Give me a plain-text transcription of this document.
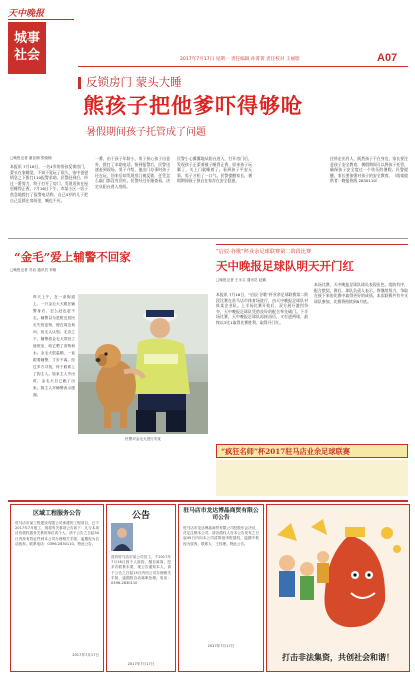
天中晚报
城事
社会	2017年7月17日 星期一 责任编辑 孙菁菁 责任校对 王丽影	A07
反锁房门 蒙头大睡
熊孩子把他爹吓得够呛
暑假期间孩子托管成了问题
□晚报记者 谢亚楠 张晓楠
本报讯 7月16日，一名4岁的男孩反锁房门，蒙头在家睡觉，不知不觉玩了很久，家中爸爸情急之下拨打110报警求助。民警赶到后，经过一番努力，终于打开了房门，发现男孩在屋里睡得正香。7月16日下午，市某小区一男子焦急地拨打了报警电话称，自己4岁的儿子把自己反锁在房间里，喊也不应。
一番，由于孩子年龄小，男子担心孩子出意外，拨打了求助电话。接到报警后，民警迅速赶到现场，男子介绍，他出门办事时孩子还在玩，回来后却发现房门被反锁，任凭怎么敲门都没有回应。民警经过仔细查看，决定从阳台进入房间。
民警小心翼翼地从阳台进入，打开房门后，发现孩子正蒙着被子睡得正香，原来孩子玩累了，关上门就睡着了。看到孩子平安无事，男子才松了一口气。民警提醒家长，暑假期间孩子独自在家存在安全隐患。
住所走出有人，既然孩子不在身边，家长要注意孩子安全教育，暑假期间可以将孩子托管，确保孩子安全度过一个快乐的暑假。民警提醒，家长要加强对孩子的安全教育。（线索提供者：晚报热线 2830110）
“金毛”爱上辅警不回家
□晚报记者 苏岩 通讯员 李敏
昨天上午，在一条街道上，一只金毛大犬跟在辅警身后，怎么赶也赶不走。辅警以为是附近居民走失的宠物，便在周边询问，但无人认领。无奈之下，辅警将金毛犬带回了值班室，给它喂了食物和水。金毛犬很温顺，一直跟着辅警，寸步不离。经过多方寻找，终于联系上了狗主人。原来主人外出时，金毛犬自己跑了出来。狗主人对辅警表示感谢。
民警对金毛犬进行安抚
“启辰·谷歌”杯业余足球联赛第二阶段比赛
天中晚报足球队明天开门红
□晚报记者 王永召 通讯员 赵鹏
本报讯 7月16日，“启辰·谷歌”杯业余足球联赛第二阶段比赛在驻马店市体育场进行，由天中晚报足球队对阵某企业队。上半场比赛开始后，双方展开激烈争夺，天中晚报足球队凭借良好的配合率先破门。下半场比赛，天中晚报足球队再接再厉，又打进两球，最终以3比1取得比赛胜利，取得开门红。
本场比赛，天中晚报足球队球员表现出色，攻防有序，配合默契。赛后，球队负责人表示，将继续努力，争取在接下来的比赛中取得更好的成绩。本次联赛共有多支球队参加，比赛将持续到8月底。
“疯狂名师”杯2017驻马店业余足球联赛
区域工程服务公告
驻马店市某工程建设有限公司承建的工程项目，已于2017年7月竣工，现将有关事项公告如下：凡与本项目有债权债务关系的单位或个人，请于公告之日起30日内持有效证件到本公司办理相关手续，逾期视为自动放弃。联系电话：0396-2830110。特此公告。
2017年7月17日
公告
兹有驻马店市某公司员工，于2017年7月16日因个人原因，擅自离岗，经多次联系未果，现公告通知本人，请于公告之日起15日内回公司办理相关手续，逾期按自动离职处理。电话：0396-2830110
2017年7月17日
驻马店市龙达博晶商贸有限公司公告
驻马店市龙达博晶商贸有限公司经股东会决议，决定注销本公司，请各债权人自本公告发布之日起45日内向本公司清算组申报债权，逾期不报视为放弃。联系人：王经理。特此公告。
2017年7月17日
打击非法集资，共创社会和谐！
